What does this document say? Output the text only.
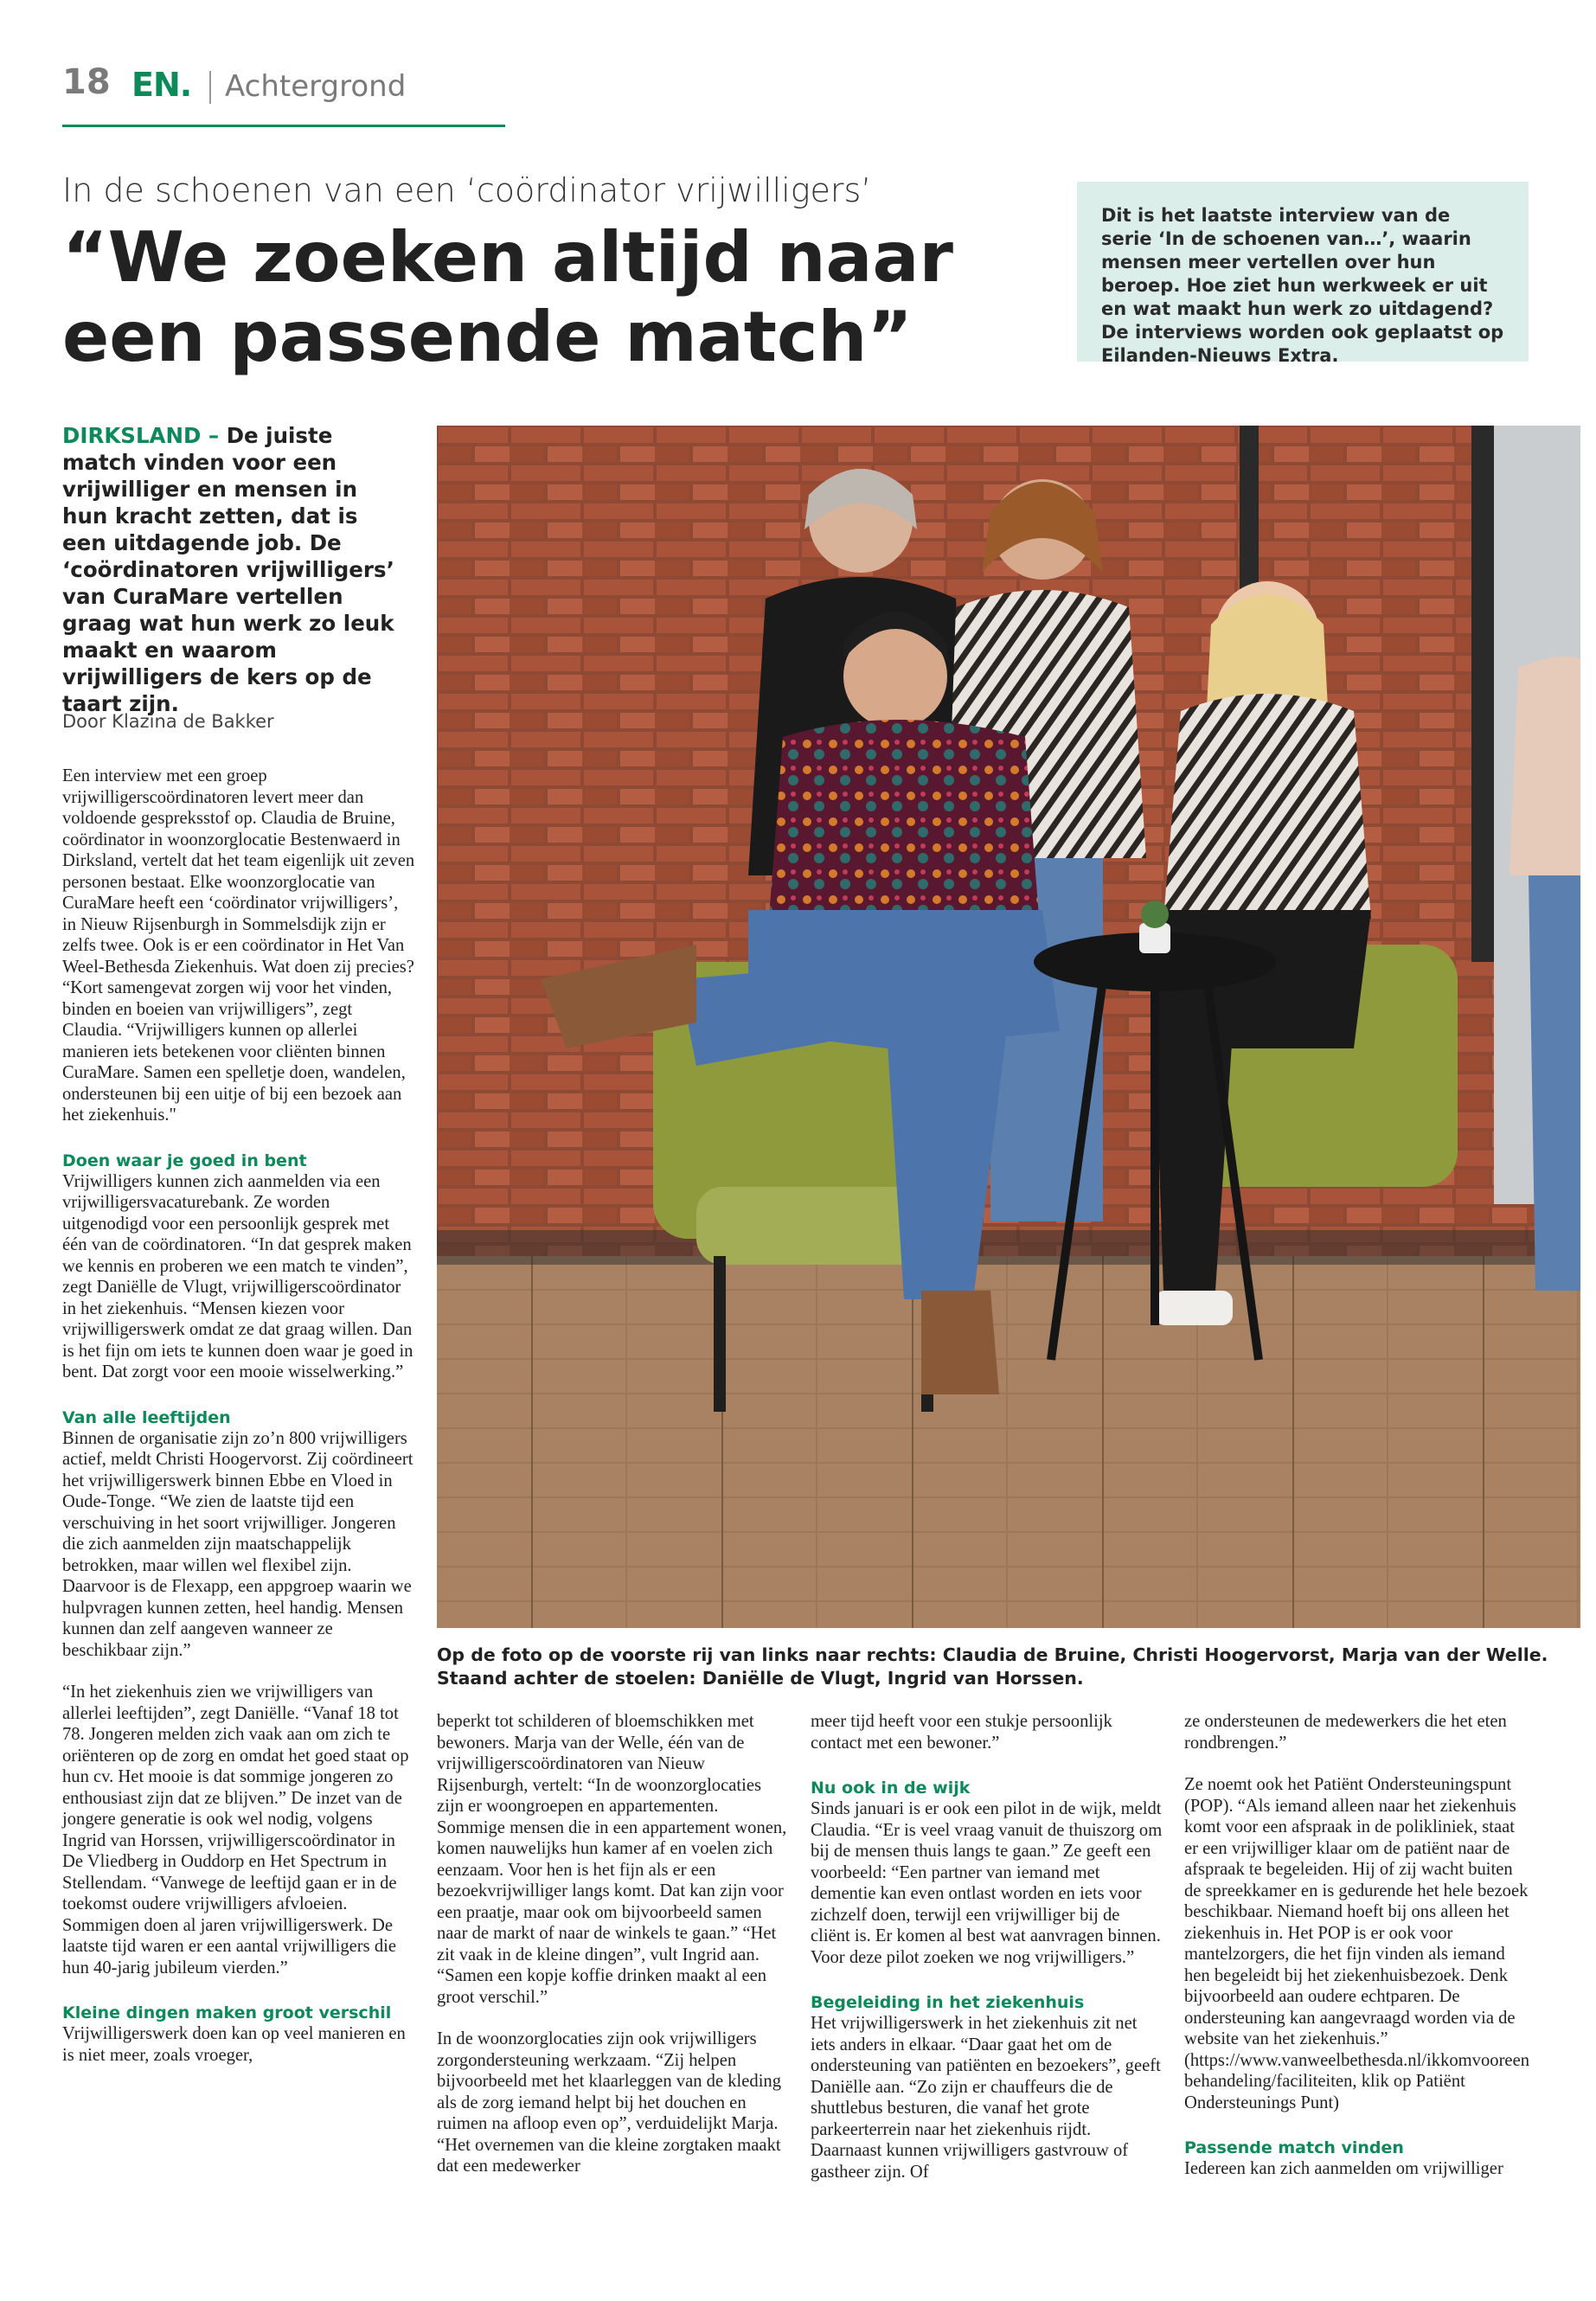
18 EN. Achtergrond
In de schoenen van een ‘coördinator vrijwilligers’
“We zoeken altijd naar
een passende match”
Dit is het laatste interview van de serie ‘In de schoenen van…’, waarin mensen meer vertellen over hun beroep. Hoe ziet hun werkweek er uit en wat maakt hun werk zo uitdagend? De interviews worden ook geplaatst op Eilanden-Nieuws Extra.
DIRKSLAND – De juiste match vinden voor een vrijwilliger en mensen in hun kracht zetten, dat is een uitdagende job. De ‘coördinatoren vrijwilligers’ van CuraMare vertellen graag wat hun werk zo leuk maakt en waarom vrijwilligers de kers op de taart zijn.
Door Klazina de Bakker

Een interview met een groep vrijwilligerscoördinatoren levert meer dan voldoende gespreksstof op. Claudia de Bruine, coördinator in woonzorglocatie Bestenwaerd in Dirksland, vertelt dat het team eigenlijk uit zeven personen bestaat. Elke woonzorglocatie van CuraMare heeft een ‘coördinator vrijwilligers’, in Nieuw Rijsenburgh in Sommelsdijk zijn er zelfs twee. Ook is er een coördinator in Het Van Weel-Bethesda Ziekenhuis. Wat doen zij precies? “Kort samengevat zorgen wij voor het vinden, binden en boeien van vrijwilligers”, zegt Claudia. “Vrijwilligers kunnen op allerlei manieren iets betekenen voor cliënten binnen CuraMare. Samen een spelletje doen, wandelen, ondersteunen bij een uitje of bij een bezoek aan het ziekenhuis."

Doen waar je goed in bent

Vrijwilligers kunnen zich aanmelden via een vrijwilligersvacaturebank. Ze worden uitgenodigd voor een persoonlijk gesprek met één van de coördinatoren. “In dat gesprek maken we kennis en proberen we een match te vinden”, zegt Daniëlle de Vlugt, vrijwilligerscoördinator in het ziekenhuis. “Mensen kiezen voor vrijwilligerswerk omdat ze dat graag willen. Dan is het fijn om iets te kunnen doen waar je goed in bent. Dat zorgt voor een mooie wisselwerking.”

Van alle leeftijden

Binnen de organisatie zijn zo’n 800 vrijwilligers actief, meldt Christi Hoogervorst. Zij coördineert het vrijwilligerswerk binnen Ebbe en Vloed in Oude-Tonge. “We zien de laatste tijd een verschuiving in het soort vrijwilliger. Jongeren die zich aanmelden zijn maatschappelijk betrokken, maar willen wel flexibel zijn. Daarvoor is de Flexapp, een appgroep waarin we hulpvragen kunnen zetten, heel handig. Mensen kunnen dan zelf aangeven wanneer ze beschikbaar zijn.”

“In het ziekenhuis zien we vrijwilligers van allerlei leeftijden”, zegt Daniëlle. “Vanaf 18 tot 78. Jongeren melden zich vaak aan om zich te oriënteren op de zorg en omdat het goed staat op hun cv. Het mooie is dat sommige jongeren zo enthousiast zijn dat ze blijven.” De inzet van de jongere generatie is ook wel nodig, volgens Ingrid van Horssen, vrijwilligerscoördinator in De Vliedberg in Ouddorp en Het Spectrum in Stellendam. “Vanwege de leeftijd gaan er in de toekomst oudere vrijwilligers afvloeien. Sommigen doen al jaren vrijwilligerswerk. De laatste tijd waren er een aantal vrijwilligers die hun 40-jarig jubileum vierden.”

Kleine dingen maken groot verschil

Vrijwilligerswerk doen kan op veel manieren en is niet meer, zoals vroeger,

Op de foto op de voorste rij van links naar rechts: Claudia de Bruine, Christi Hoogervorst, Marja van der Welle.
Staand achter de stoelen: Daniëlle de Vlugt, Ingrid van Horssen.

beperkt tot schilderen of bloemschikken met bewoners. Marja van der Welle, één van de vrijwilligerscoördinatoren van Nieuw Rijsenburgh, vertelt: “In de woonzorglocaties zijn er woongroepen en appartementen. Sommige mensen die in een appartement wonen, komen nauwelijks hun kamer af en voelen zich eenzaam. Voor hen is het fijn als er een bezoekvrijwilliger langs komt. Dat kan zijn voor een praatje, maar ook om bijvoorbeeld samen naar de markt of naar de winkels te gaan.” “Het zit vaak in de kleine dingen”, vult Ingrid aan. “Samen een kopje koffie drinken maakt al een groot verschil.”

In de woonzorglocaties zijn ook vrijwilligers zorgondersteuning werkzaam. “Zij helpen bijvoorbeeld met het klaarleggen van de kleding als de zorg iemand helpt bij het douchen en ruimen na afloop even op”, verduidelijkt Marja. “Het overnemen van die kleine zorgtaken maakt dat een medewerker

meer tijd heeft voor een stukje persoonlijk contact met een bewoner.”

Nu ook in de wijk

Sinds januari is er ook een pilot in de wijk, meldt Claudia. “Er is veel vraag vanuit de thuiszorg om bij de mensen thuis langs te gaan.” Ze geeft een voorbeeld: “Een partner van iemand met dementie kan even ontlast worden en iets voor zichzelf doen, terwijl een vrijwilliger bij de cliënt is. Er komen al best wat aanvragen binnen. Voor deze pilot zoeken we nog vrijwilligers.”

Begeleiding in het ziekenhuis

Het vrijwilligerswerk in het ziekenhuis zit net iets anders in elkaar. “Daar gaat het om de ondersteuning van patiënten en bezoekers”, geeft Daniëlle aan. “Zo zijn er chauffeurs die de shuttlebus besturen, die vanaf het grote parkeerterrein naar het ziekenhuis rijdt. Daarnaast kunnen vrijwilligers gastvrouw of gastheer zijn. Of

ze ondersteunen de medewerkers die het eten rondbrengen.”

Ze noemt ook het Patiënt Ondersteuningspunt (POP). “Als iemand alleen naar het ziekenhuis komt voor een afspraak in de polikliniek, staat er een vrijwilliger klaar om de patiënt naar de afspraak te begeleiden. Hij of zij wacht buiten de spreekkamer en is gedurende het hele bezoek beschikbaar. Niemand hoeft bij ons alleen het ziekenhuis in. Het POP is er ook voor mantelzorgers, die het fijn vinden als iemand hen begeleidt bij het ziekenhuisbezoek. Denk bijvoorbeeld aan oudere echtparen. De ondersteuning kan aangevraagd worden via de website van het ziekenhuis.” (https://www.vanweelbethesda.nl/ikkomvooreenbehandeling/faciliteiten, klik op Patiënt Ondersteunings Punt)

Passende match vinden

Iedereen kan zich aanmelden om vrijwilliger
